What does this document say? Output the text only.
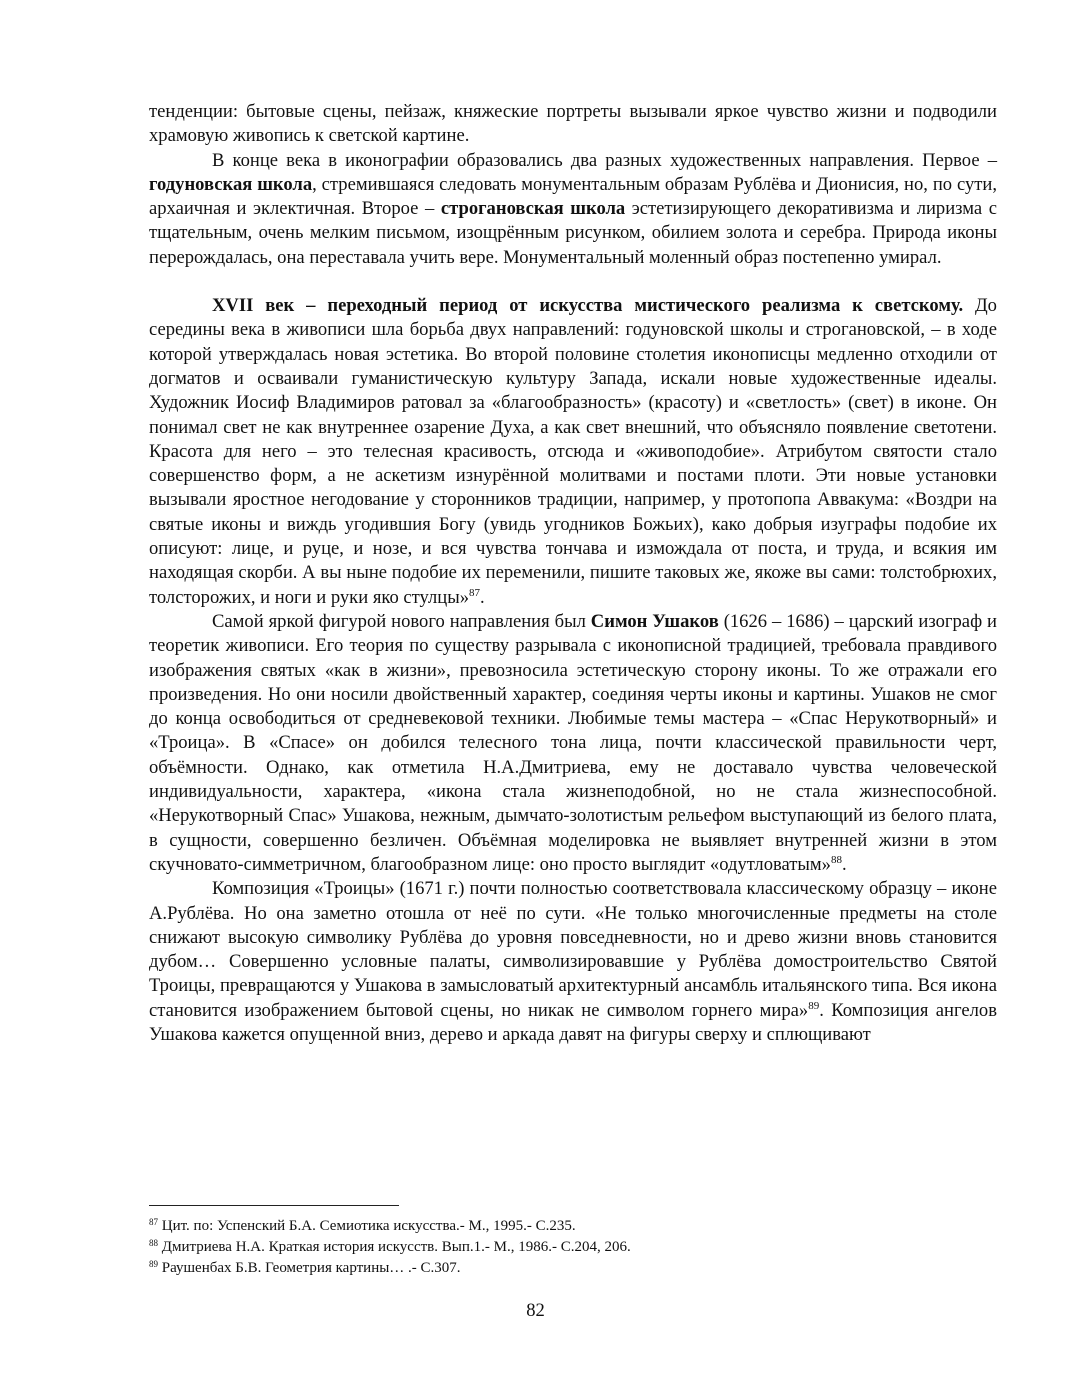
тенденции: бытовые сцены, пейзаж, княжеские портреты вызывали яркое чувство жизни и подводили храмовую живопись к светской картине.

В конце века в иконографии образовались два разных художественных направления. Первое – годуновская школа, стремившаяся следовать монументальным образам Рублёва и Дионисия, но, по сути, архаичная и эклектичная. Второе – строгановская школа эстетизирующего декоративизма и лиризма с тщательным, очень мелким письмом, изощрённым рисунком, обилием золота и серебра. Природа иконы перерождалась, она переставала учить вере. Монументальный моленный образ постепенно умирал.

XVII век – переходный период от искусства мистического реализма к светскому. До середины века в живописи шла борьба двух направлений: годуновской школы и строгановской, – в ходе которой утверждалась новая эстетика. Во второй половине столетия иконописцы медленно отходили от догматов и осваивали гуманистическую культуру Запада, искали новые художественные идеалы. Художник Иосиф Владимиров ратовал за «благообразность» (красоту) и «светлость» (свет) в иконе. Он понимал свет не как внутреннее озарение Духа, а как свет внешний, что объясняло появление светотени. Красота для него – это телесная красивость, отсюда и «живоподобие». Атрибутом святости стало совершенство форм, а не аскетизм изнурённой молитвами и постами плоти. Эти новые установки вызывали яростное негодование у сторонников традиции, например, у протопопа Аввакума: «Воздри на святые иконы и виждь угодившия Богу (увидь угодников Божьих), како добрыя изуграфы подобие их описуют: лице, и руце, и нозе, и вся чувства тончава и измождала от поста, и труда, и всякия им находящая скорби. А вы ныне подобие их переменили, пишите таковых же, якоже вы сами: толстобрюхих, толсторожих, и ноги и руки яко стулцы»$^{87}$.

Самой яркой фигурой нового направления был Симон Ушаков (1626 – 1686) – царский изограф и теоретик живописи. Его теория по существу разрывала с иконописной традицией, требовала правдивого изображения святых «как в жизни», превозносила эстетическую сторону иконы. То же отражали его произведения. Но они носили двойственный характер, соединяя черты иконы и картины. Ушаков не смог до конца освободиться от средневековой техники. Любимые темы мастера – «Спас Нерукотворный» и «Троица». В «Спасе» он добился телесного тона лица, почти классической правильности черт, объёмности. Однако, как отметила Н.А.Дмитриева, ему не доставало чувства человеческой индивидуальности, характера, «икона стала жизнеподобной, но не стала жизнеспособной. «Нерукотворный Спас» Ушакова, нежным, дымчато-золотистым рельефом выступающий из белого плата, в сущности, совершенно безличен. Объёмная моделировка не выявляет внутренней жизни в этом скучновато-симметричном, благообразном лице: оно просто выглядит «одутловатым»$^{88}$.

Композиция «Троицы» (1671 г.) почти полностью соответствовала классическому образцу – иконе А.Рублёва. Но она заметно отошла от неё по сути. «Не только многочисленные предметы на столе снижают высокую символику Рублёва до уровня повседневности, но и древо жизни вновь становится дубом… Совершенно условные палаты, символизировавшие у Рублёва домостроительство Святой Троицы, превращаются у Ушакова в замысловатый архитектурный ансамбль итальянского типа. Вся икона становится изображением бытовой сцены, но никак не символом горнего мира»$^{89}$. Композиция ангелов Ушакова кажется опущенной вниз, дерево и аркада давят на фигуры сверху и сплющивают

$^{87}$ Цит. по: Успенский Б.А. Семиотика искусства.- М., 1995.- С.235.
$^{88}$ Дмитриева Н.А. Краткая история искусств. Вып.1.- М., 1986.- С.204, 206.
$^{89}$ Раушенбах Б.В. Геометрия картины… .- С.307.
82
